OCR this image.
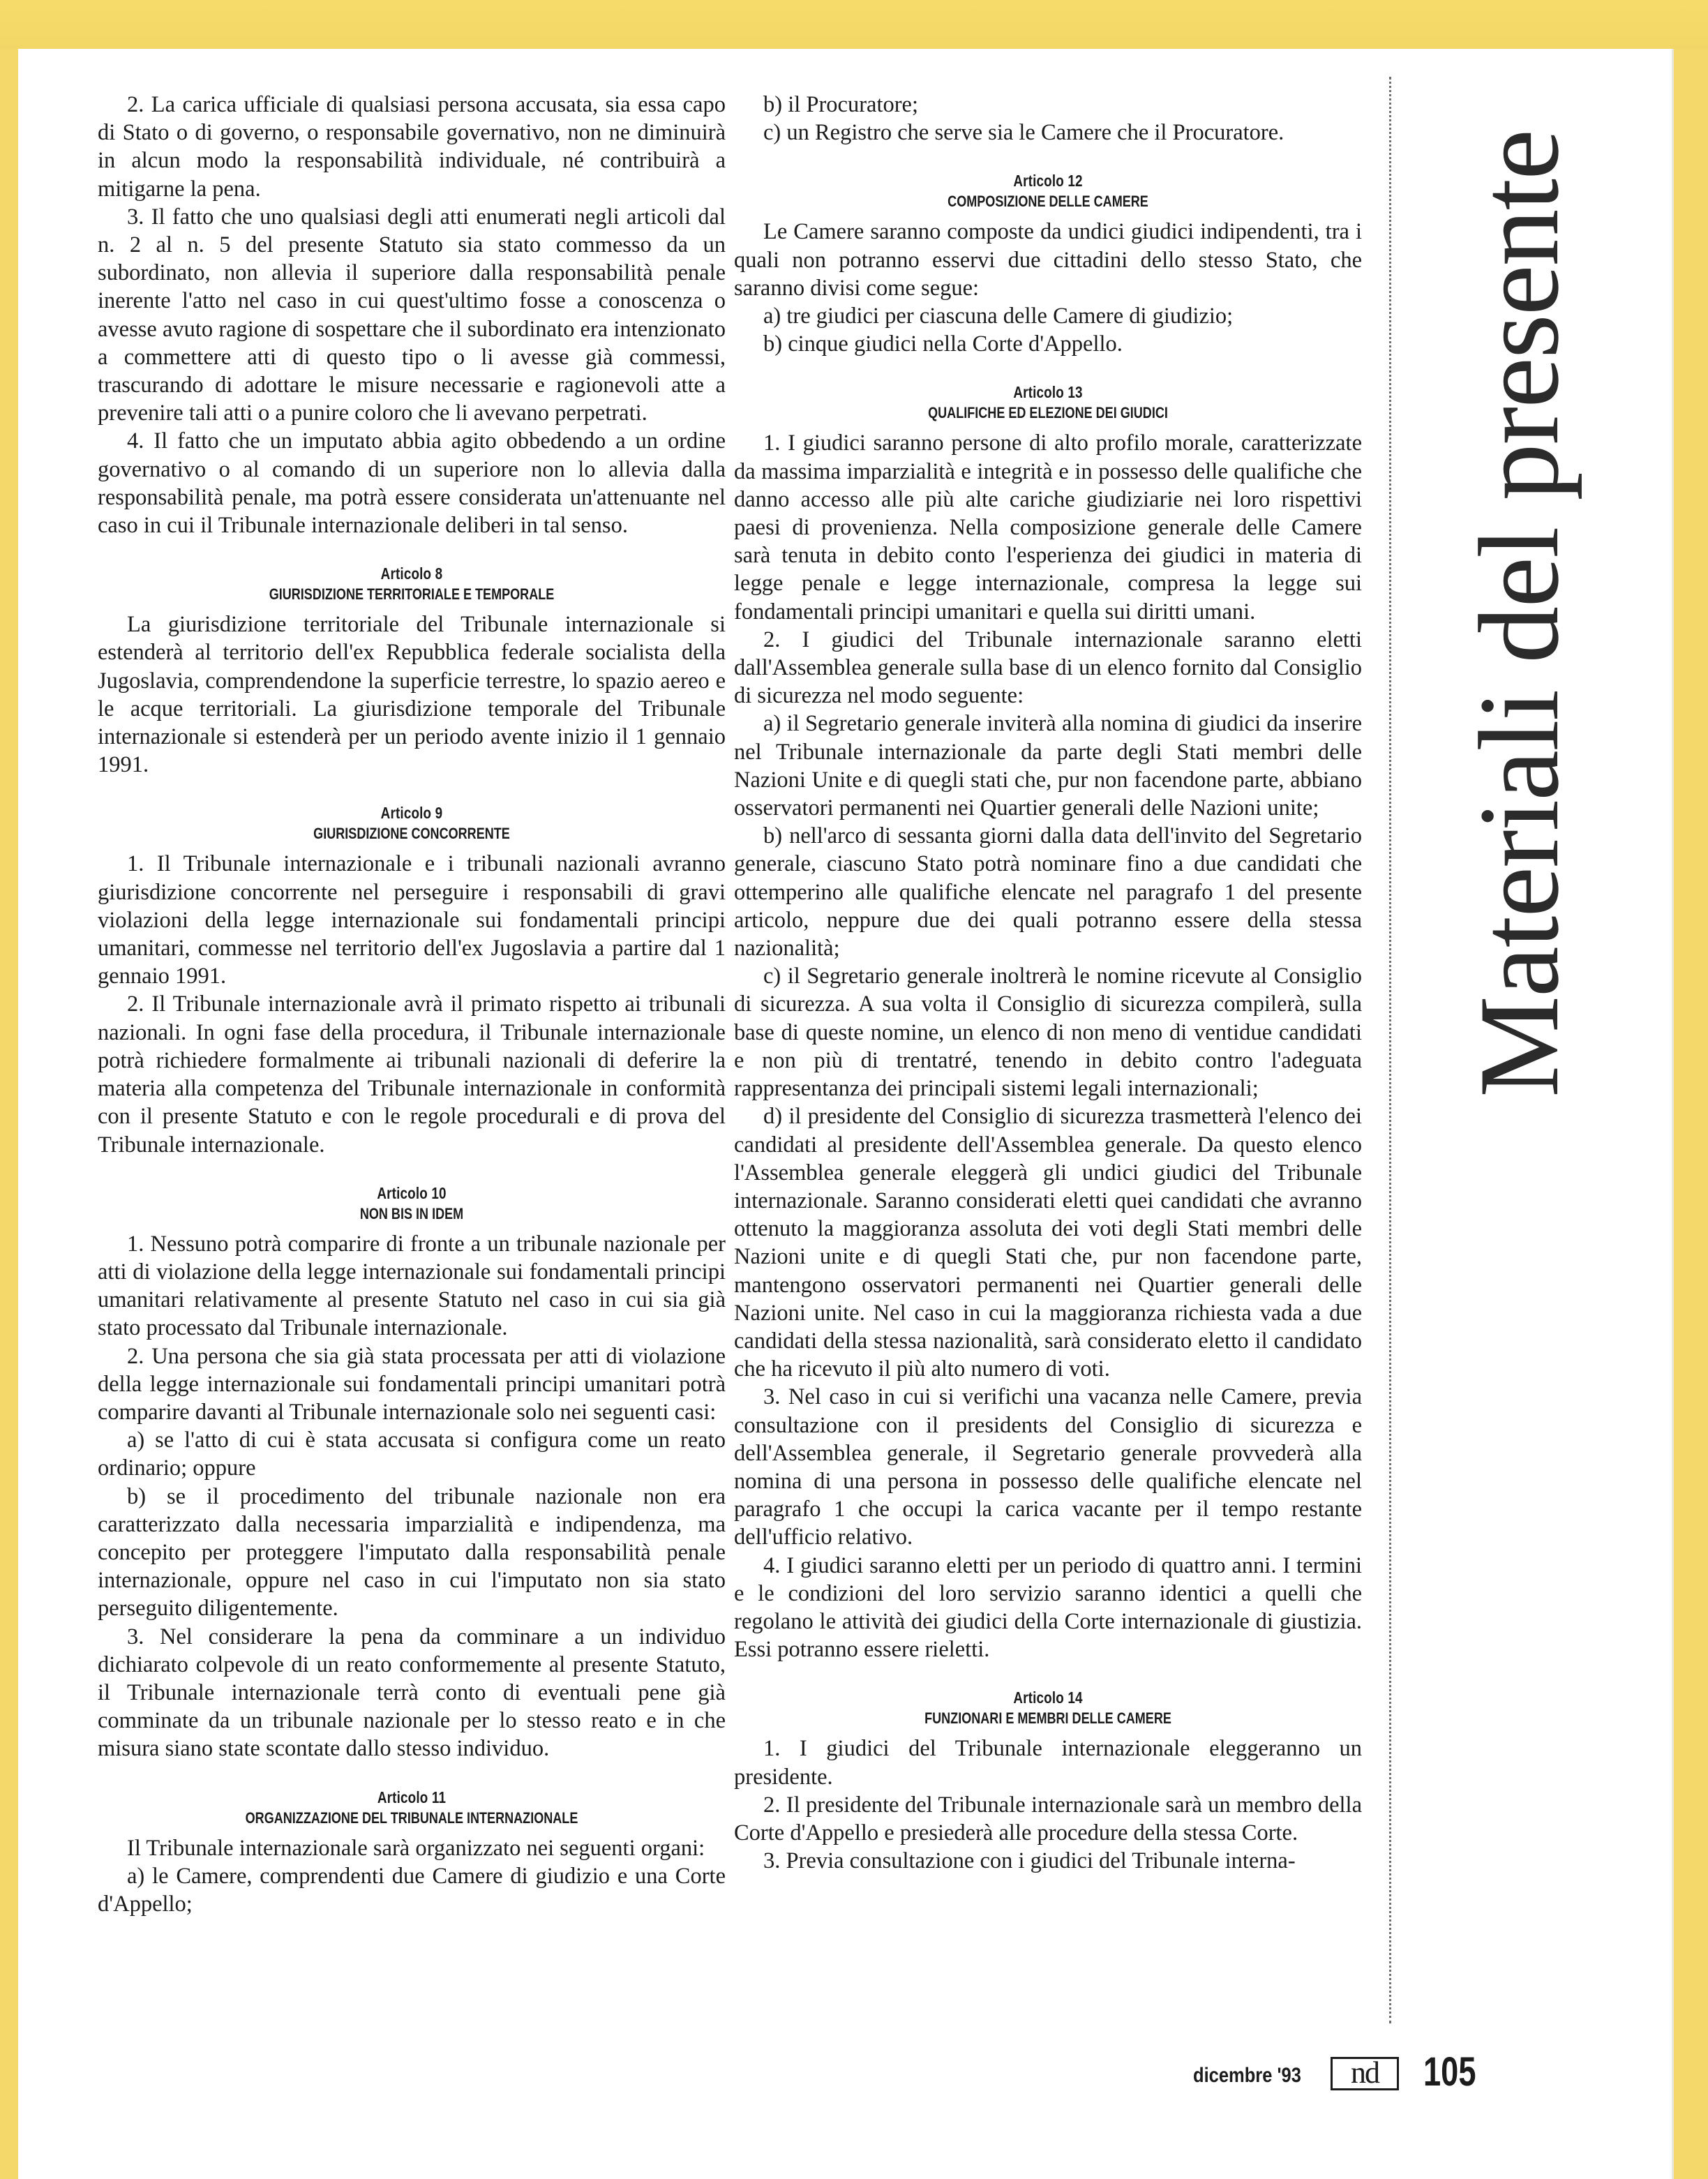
2. La carica ufficiale di qualsiasi persona accusata, sia essa capo di Stato o di governo, o responsabile governativo, non ne diminuirà in alcun modo la responsabilità individuale, né contribuirà a mitigarne la pena.

3. Il fatto che uno qualsiasi degli atti enumerati negli articoli dal n. 2 al n. 5 del presente Statuto sia stato commesso da un subordinato, non allevia il superiore dalla responsabilità penale inerente l'atto nel caso in cui quest'ultimo fosse a conoscenza o avesse avuto ragione di sospettare che il subordinato era intenzionato a commettere atti di questo tipo o li avesse già commessi, trascurando di adottare le misure necessarie e ragionevoli atte a prevenire tali atti o a punire coloro che li avevano perpetrati.

4. Il fatto che un imputato abbia agito obbedendo a un ordine governativo o al comando di un superiore non lo allevia dalla responsabilità penale, ma potrà essere considerata un'attenuante nel caso in cui il Tribunale internazionale deliberi in tal senso.

Articolo 8
GIURISDIZIONE TERRITORIALE E TEMPORALE

La giurisdizione territoriale del Tribunale internazionale si estenderà al territorio dell'ex Repubblica federale socialista della Jugoslavia, comprendendone la superficie terrestre, lo spazio aereo e le acque territoriali. La giurisdizione temporale del Tribunale internazionale si estenderà per un periodo avente inizio il 1 gennaio 1991.

Articolo 9
GIURISDIZIONE CONCORRENTE

1. Il Tribunale internazionale e i tribunali nazionali avranno giurisdizione concorrente nel perseguire i responsabili di gravi violazioni della legge internazionale sui fondamentali principi umanitari, commesse nel territorio dell'ex Jugoslavia a partire dal 1 gennaio 1991.

2. Il Tribunale internazionale avrà il primato rispetto ai tribunali nazionali. In ogni fase della procedura, il Tribunale internazionale potrà richiedere formalmente ai tribunali nazionali di deferire la materia alla competenza del Tribunale internazionale in conformità con il presente Statuto e con le regole procedurali e di prova del Tribunale internazionale.

Articolo 10
NON BIS IN IDEM

1. Nessuno potrà comparire di fronte a un tribunale nazionale per atti di violazione della legge internazionale sui fondamentali principi umanitari relativamente al presente Statuto nel caso in cui sia già stato processato dal Tribunale internazionale.

2. Una persona che sia già stata processata per atti di violazione della legge internazionale sui fondamentali principi umanitari potrà comparire davanti al Tribunale internazionale solo nei seguenti casi:

a) se l'atto di cui è stata accusata si configura come un reato ordinario; oppure

b) se il procedimento del tribunale nazionale non era caratterizzato dalla necessaria imparzialità e indipendenza, ma concepito per proteggere l'imputato dalla responsabilità penale internazionale, oppure nel caso in cui l'imputato non sia stato perseguito diligentemente.

3. Nel considerare la pena da comminare a un individuo dichiarato colpevole di un reato conformemente al presente Statuto, il Tribunale internazionale terrà conto di eventuali pene già comminate da un tribunale nazionale per lo stesso reato e in che misura siano state scontate dallo stesso individuo.

Articolo 11
ORGANIZZAZIONE DEL TRIBUNALE INTERNAZIONALE

Il Tribunale internazionale sarà organizzato nei seguenti organi:

a) le Camere, comprendenti due Camere di giudizio e una Corte d'Appello;

b) il Procuratore;

c) un Registro che serve sia le Camere che il Procuratore.

Articolo 12
COMPOSIZIONE DELLE CAMERE

Le Camere saranno composte da undici giudici indipendenti, tra i quali non potranno esservi due cittadini dello stesso Stato, che saranno divisi come segue:

a) tre giudici per ciascuna delle Camere di giudizio;

b) cinque giudici nella Corte d'Appello.

Articolo 13
QUALIFICHE ED ELEZIONE DEI GIUDICI

1. I giudici saranno persone di alto profilo morale, caratterizzate da massima imparzialità e integrità e in possesso delle qualifiche che danno accesso alle più alte cariche giudiziarie nei loro rispettivi paesi di provenienza. Nella composizione generale delle Camere sarà tenuta in debito conto l'esperienza dei giudici in materia di legge penale e legge internazionale, compresa la legge sui fondamentali principi umanitari e quella sui diritti umani.

2. I giudici del Tribunale internazionale saranno eletti dall'Assemblea generale sulla base di un elenco fornito dal Consiglio di sicurezza nel modo seguente:

a) il Segretario generale inviterà alla nomina di giudici da inserire nel Tribunale internazionale da parte degli Stati membri delle Nazioni Unite e di quegli stati che, pur non facendone parte, abbiano osservatori permanenti nei Quartier generali delle Nazioni unite;

b) nell'arco di sessanta giorni dalla data dell'invito del Segretario generale, ciascuno Stato potrà nominare fino a due candidati che ottemperino alle qualifiche elencate nel paragrafo 1 del presente articolo, neppure due dei quali potranno essere della stessa nazionalità;

c) il Segretario generale inoltrerà le nomine ricevute al Consiglio di sicurezza. A sua volta il Consiglio di sicurezza compilerà, sulla base di queste nomine, un elenco di non meno di ventidue candidati e non più di trentatré, tenendo in debito contro l'adeguata rappresentanza dei principali sistemi legali internazionali;

d) il presidente del Consiglio di sicurezza trasmetterà l'elenco dei candidati al presidente dell'Assemblea generale. Da questo elenco l'Assemblea generale eleggerà gli undici giudici del Tribunale internazionale. Saranno considerati eletti quei candidati che avranno ottenuto la maggioranza assoluta dei voti degli Stati membri delle Nazioni unite e di quegli Stati che, pur non facendone parte, mantengono osservatori permanenti nei Quartier generali delle Nazioni unite. Nel caso in cui la maggioranza richiesta vada a due candidati della stessa nazionalità, sarà considerato eletto il candidato che ha ricevuto il più alto numero di voti.

3. Nel caso in cui si verifichi una vacanza nelle Camere, previa consultazione con il presidents del Consiglio di sicurezza e dell'Assemblea generale, il Segretario generale provvederà alla nomina di una persona in possesso delle qualifiche elencate nel paragrafo 1 che occupi la carica vacante per il tempo restante dell'ufficio relativo.

4. I giudici saranno eletti per un periodo di quattro anni. I termini e le condizioni del loro servizio saranno identici a quelli che regolano le attività dei giudici della Corte internazionale di giustizia. Essi potranno essere rieletti.

Articolo 14
FUNZIONARI E MEMBRI DELLE CAMERE

1. I giudici del Tribunale internazionale eleggeranno un presidente.

2. Il presidente del Tribunale internazionale sarà un membro della Corte d'Appello e presiederà alle procedure della stessa Corte.

3. Previa consultazione con i giudici del Tribunale interna-

Materiali del presente
dicembre '93	nd	105
